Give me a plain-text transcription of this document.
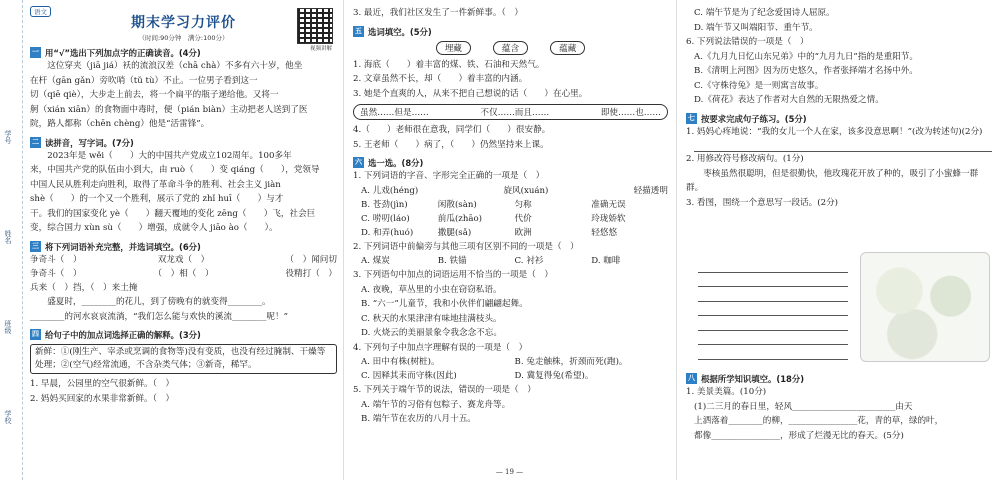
学号
姓名
班级
学校
语文
视频讲解
期末学习力评价
（时间:90分钟　满分:100分）
一 用“√”选出下列加点字的正确读音。(4分)

这位穿夹（jiā jiá）袄的流浪汉差（chā chà）不多有六十岁，他坐

在杆（gān gǎn）旁吹哨（tǔ tù）不止。一位男子看到这一

切（qiē qiè），大步走上前去，将一个扁平的瓶子递给他。又将一

舸（xián xiān）的食物面中毒时，便（pián biàn）主动把老人送到了医

院，路人都称（chēn chèng）他是“活雷锋”。

二 读拼音，写字词。(7分)

2023年是 wěi（　　）大的中国共产党成立102周年。100多年

来，中国共产党的队伍由小到大，由 ruò（　　）变 qiáng（　　），党领导

中国人民从胜利走向胜利，取得了革命斗争的胜利、社会主义 jiàn

shè（　　）的一个又一个胜利，展示了党的 zhǐ huī（　　）与才

干。我们的国家变化 yè（　　）翻天覆地的变化 zēng（　　）飞，社会巨

变，综合国力 xùn sù（　　）增强，成就令人 jiāo ào（　　）。

三 将下列词语补充完整，并选词填空。(6分)
争奇斗（　）	双龙戏（　）	（　）闻问切
争奇斗（　）	（　）相（　）	役精打（　）

兵来（　）挡，（　）来土掩

盛夏时，________的花儿，到了傍晚有的就变得________。

________的河水哀哀流淌，“我们怎么能与欢快的溪流________呢！”

四 给句子中的加点词选择正确的解释。(3分)
新鲜：①(刚生产、宰杀或烹调的食物等)没有变质，也没有经过腌制、干燥等处理；②(空气)经常流通，不含杂类气体；③新奇，稀罕。

1. 早晨，公园里的空气很新鲜。（　）

2. 妈妈买回家的水果非常新鲜。（　）

3. 最近，我们社区发生了一件新鲜事。（　）

五 选词填空。(5分)
埋藏	蕴含	蕴藏

1. 海底（　　）着丰富的煤、铁、石油和天然气。

2. 文章虽然不长，却（　　）着丰富的内涵。

3. 她是个直爽的人，从来不把自己想说的话（　　）在心里。

虽然……但是……	不仅……而且……	即使……也……

4.（　　）老师很在意我，同学们（　　）很安静。

5. 王老师（　　）病了，（　　）仍然坚持来上课。

六 选一选。(8分)

1. 下列词语的字音、字形完全正确的一项是（　）

A. 儿戏(héng)	旋风(xuán)	轻描透明
B. 苍劲(jìn)	闲散(sàn)	匀称	准确无误
C. 唠叨(láo)	前瓜(zhāo)	代价	玲珑娇软
D. 和弄(huó)	撒腿(sǎ)	欧洲	轻悠悠

2. 下列词语中前偏旁与其他三项有区别不同的一项是（　）

A. 煤炭	B. 铁锚	C. 衬衫	D. 咖啡

3. 下列语句中加点的词语运用不恰当的一项是（　）

A. 夜晚，草丛里的小虫在窃窃私语。

B. “六一”儿童节，我和小伙伴们翩翩起舞。

C. 秋天的水果津津有味地挂满枝头。

D. 火烧云的美丽景象令我念念不忘。

4. 下列句子中加点字理解有误的一项是（　）

A. 田中有株(树桩)。	B. 兔走触株，折颈而死(跑)。
C. 因释其耒而守株(因此)	D. 冀复得兔(希望)。

5. 下列关于端午节的说法，错误的一项是（　）

A. 端午节的习俗有包粽子、赛龙舟等。

B. 端午节在农历的八月十五。

— 19 —

C. 端午节是为了纪念爱国诗人屈原。

D. 端午节又叫端阳节、重午节。

6. 下列说法错误的一项是（　）

A.《九月九日忆山东兄弟》中的“九月九日”指的是重阳节。

B.《清明上河图》因为历史悠久，作者张择端才名扬中外。

C.《守株待兔》是一则寓言故事。

D.《荷花》表达了作者对大自然的无限热爱之情。

七 按要求完成句子练习。(5分)

1. 妈妈心疼地说：“我的女儿一个人在家，该多没意思啊！”(改为转述句)(2分)

2. 用修改符号修改病句。(1分)

枣核虽然很聪明，但是很勤快，他玫瑰花开放了种的，吸引了小蜜蜂一群群。

3. 看图，围绕一个意思写一段话。(2分)

八 根据所学知识填空。(18分)

1. 美景美篇。(10分)

(1)二三月的春日里，轻风________________________由天

上洒落着________的柳，________________花，青的草，绿的叶，

都像________________，形成了烂漫无比的春天。(5分)
